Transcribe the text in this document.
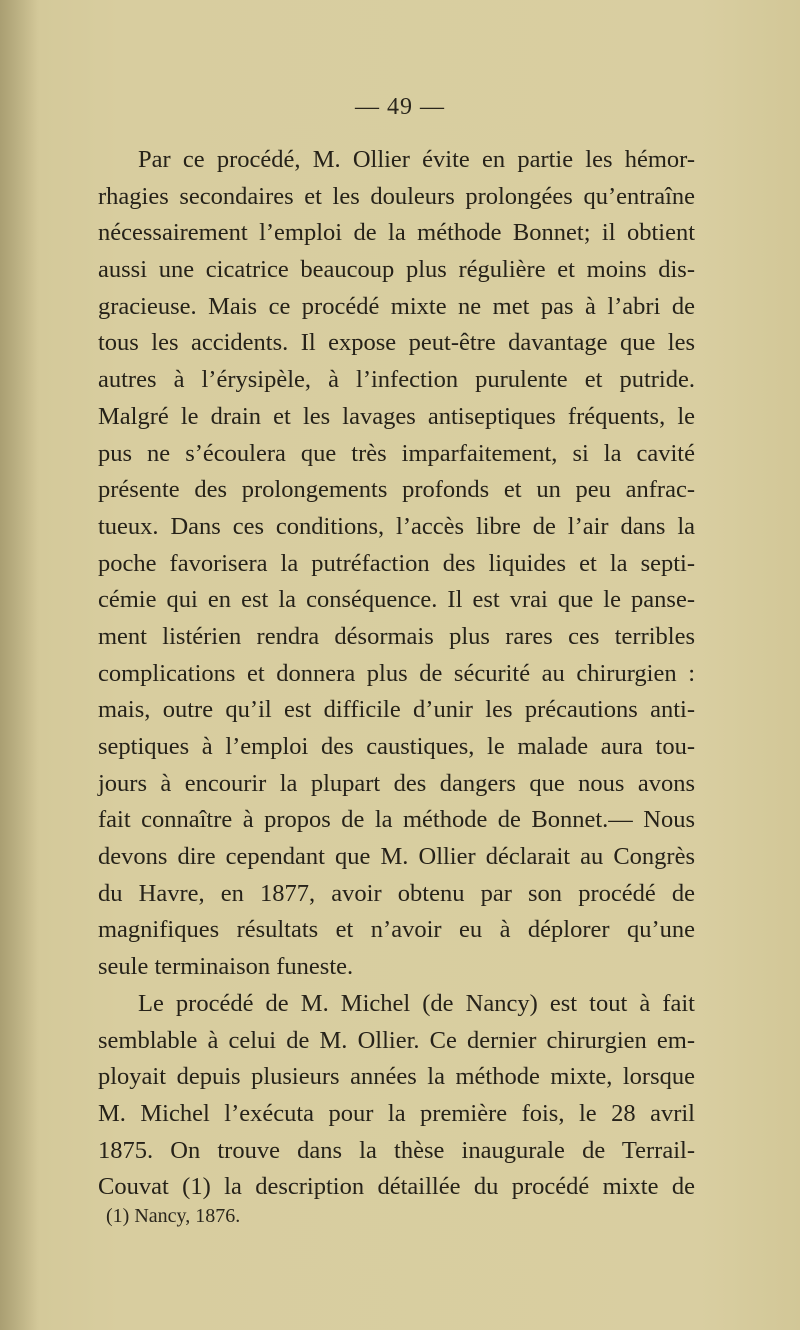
— 49 —
Par ce procédé, M. Ollier évite en partie les hémor-
rhagies secondaires et les douleurs prolongées qu’entraîne
nécessairement l’emploi de la méthode Bonnet; il obtient
aussi une cicatrice beaucoup plus régulière et moins dis-
gracieuse. Mais ce procédé mixte ne met pas à l’abri de
tous les accidents. Il expose peut-être davantage que les
autres à l’érysipèle, à l’infection purulente et putride.
Malgré le drain et les lavages antiseptiques fréquents, le
pus ne s’écoulera que très imparfaitement, si la cavité
présente des prolongements profonds et un peu anfrac-
tueux. Dans ces conditions, l’accès libre de l’air dans la
poche favorisera la putréfaction des liquides et la septi-
cémie qui en est la conséquence. Il est vrai que le panse-
ment listérien rendra désormais plus rares ces terribles
complications et donnera plus de sécurité au chirurgien :
mais, outre qu’il est difficile d’unir les précautions anti-
septiques à l’emploi des caustiques, le malade aura tou-
jours à encourir la plupart des dangers que nous avons
fait connaître à propos de la méthode de Bonnet.— Nous
devons dire cependant que M. Ollier déclarait au Congrès
du Havre, en 1877, avoir obtenu par son procédé de
magnifiques résultats et n’avoir eu à déplorer qu’une
seule terminaison funeste.
Le procédé de M. Michel (de Nancy) est tout à fait
semblable à celui de M. Ollier. Ce dernier chirurgien em-
ployait depuis plusieurs années la méthode mixte, lorsque
M. Michel l’exécuta pour la première fois, le 28 avril
1875. On trouve dans la thèse inaugurale de Terrail-
Couvat (1) la description détaillée du procédé mixte de
(1) Nancy, 1876.
